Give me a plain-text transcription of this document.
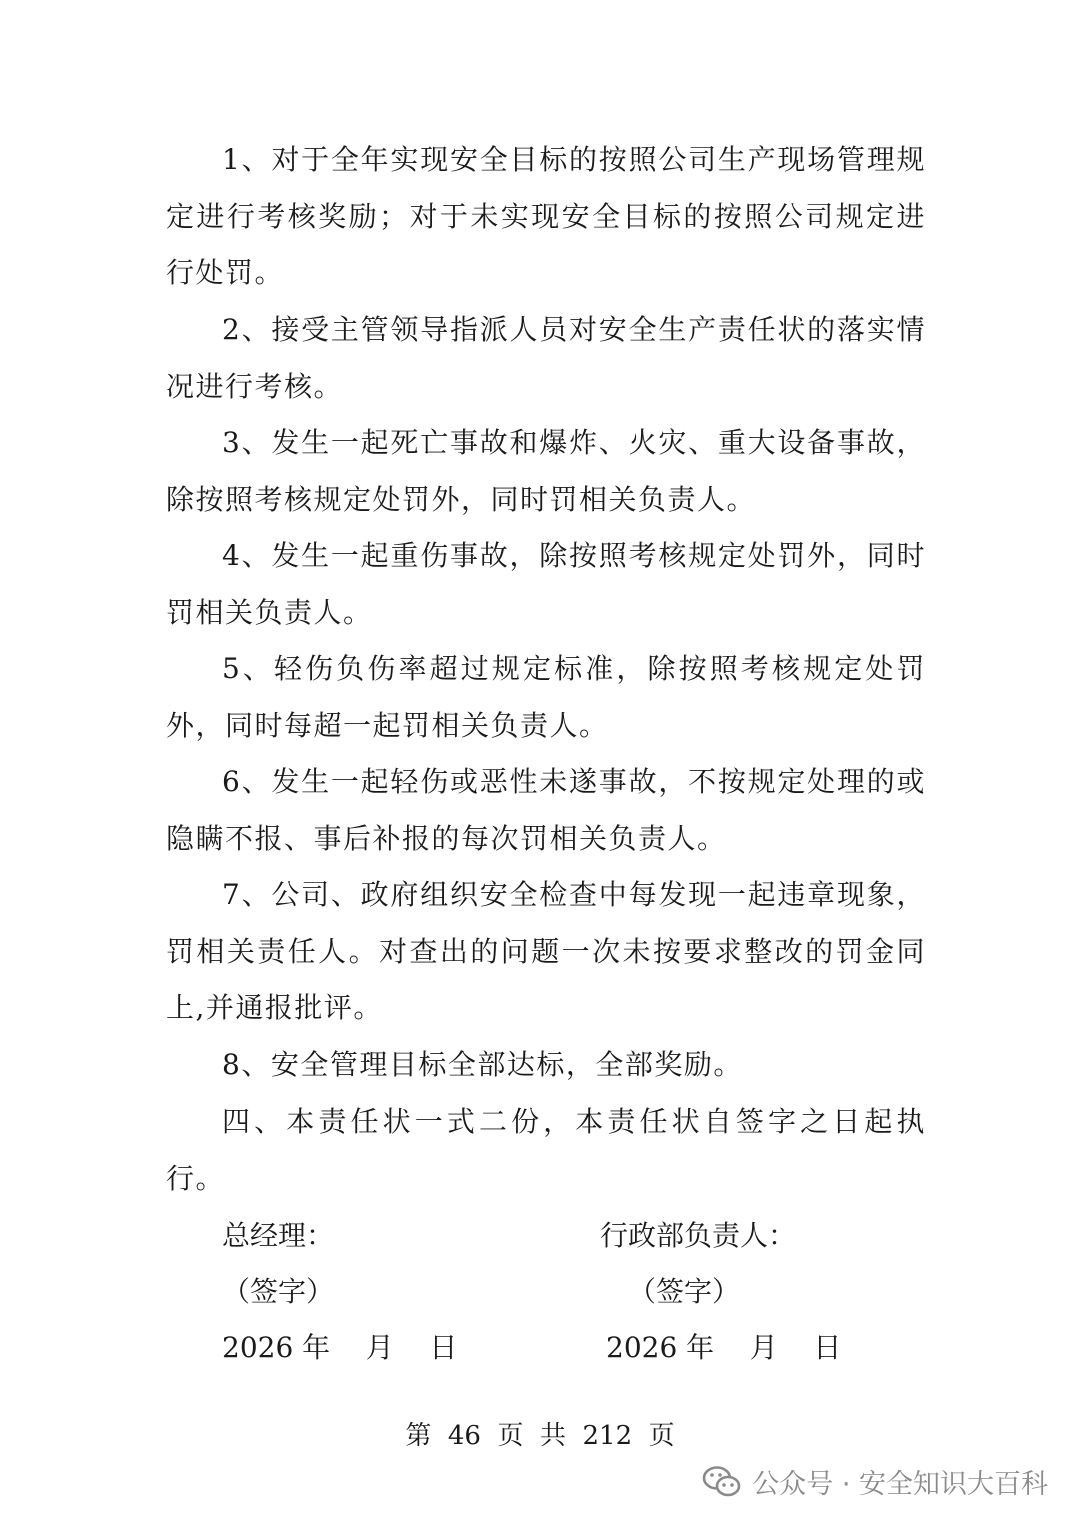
1、对于全年实现安全目标的按照公司生产现场管理规定进行考核奖励；对于未实现安全目标的按照公司规定进行处罚。

2、接受主管领导指派人员对安全生产责任状的落实情况进行考核。

3、发生一起死亡事故和爆炸、火灾、重大设备事故，除按照考核规定处罚外，同时罚相关负责人。

4、发生一起重伤事故，除按照考核规定处罚外，同时罚相关负责人。

5、轻伤负伤率超过规定标准，除按照考核规定处罚外，同时每超一起罚相关负责人。

6、发生一起轻伤或恶性未遂事故，不按规定处理的或隐瞒不报、事后补报的每次罚相关负责人。

7、公司、政府组织安全检查中每发现一起违章现象，罚相关责任人。对查出的问题一次未按要求整改的罚金同上,并通报批评。

8、安全管理目标全部达标，全部奖励。

四、本责任状一式二份，本责任状自签字之日起执行。

总经理：

（签字）

2026 年    月    日

行政部负责人：

（签字）

2026 年    月    日

第  46  页  共  212  页
公众号 · 安全知识大百科
